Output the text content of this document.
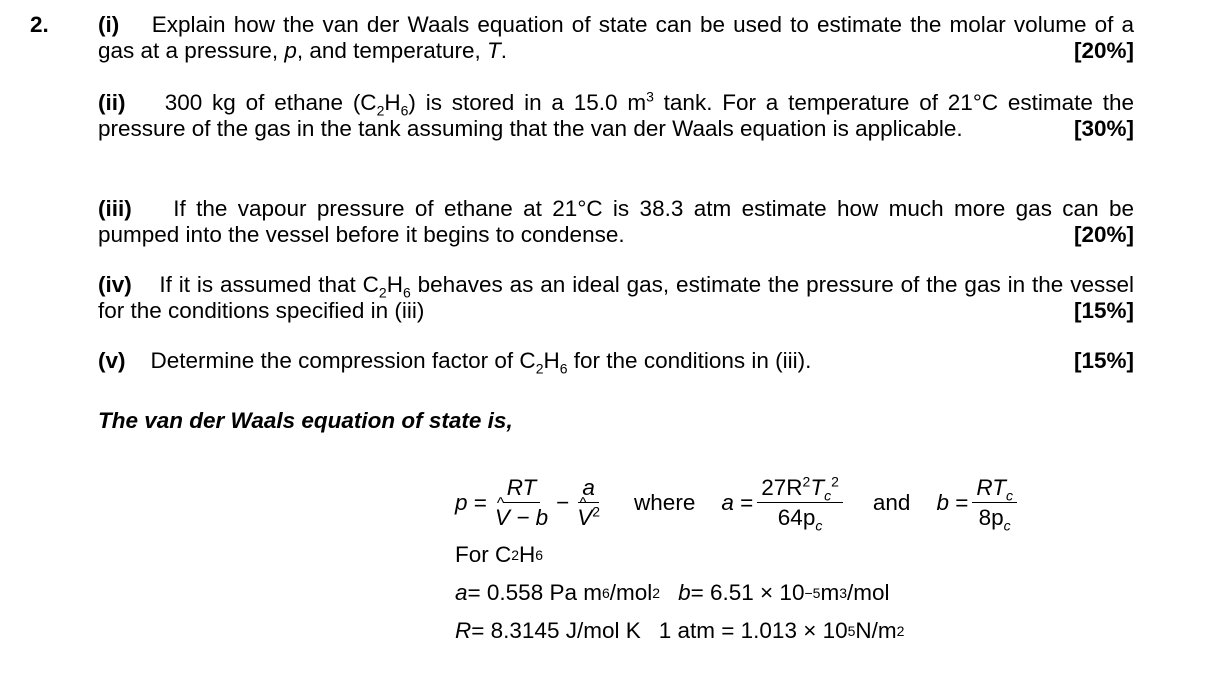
2. (i) Explain how the van der Waals equation of state can be used to estimate the molar volume of a gas at a pressure, p, and temperature, T.	[20%]
(ii) 300 kg of ethane $(C_2H_6)$ is stored in a 15.0 $m^3$ tank. For a temperature of 21°C estimate the pressure of the gas in the tank assuming that the van der Waals equation is applicable.	[30%]
(iii) If the vapour pressure of ethane at 21°C is 38.3 atm estimate how much more gas can be pumped into the vessel before it begins to condense.	[20%]
(iv) If it is assumed that $C_2H_6$ behaves as an ideal gas, estimate the pressure of the gas in the vessel for the conditions specified in (iii)	[15%]
(v) Determine the compression factor of $C_2H_6$ for the conditions in (iii).	[15%]
The van der Waals equation of state is,
p
= RT
^ V − b − a
^ $V^2$ where a
= $\frac{27R^2T_c^2}{64p_c}$ and b
= $\frac{RT_c}{8p_c}$
For C 2 H 6
a = 0.558 Pa m 6 /mol 2 b = 6.51 × 10 −5 m 3 /mol
R = 8.3145 J/mol K 1 atm = 1.013 × 10 5 N/m 2
